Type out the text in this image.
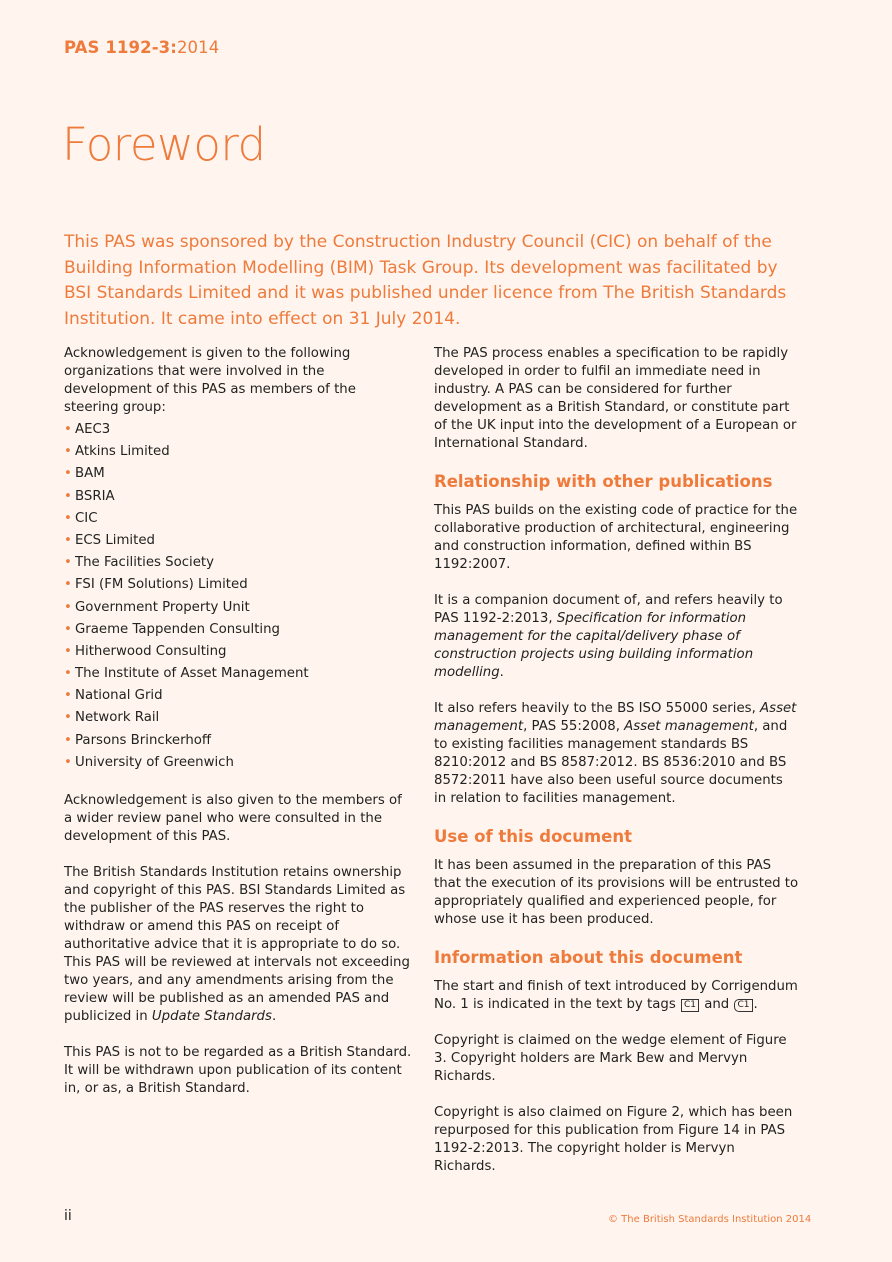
PAS 1192-3:2014
Foreword

This PAS was sponsored by the Construction Industry Council (CIC) on behalf of the Building Information Modelling (BIM) Task Group. Its development was facilitated by BSI Standards Limited and it was published under licence from The British Standards Institution. It came into effect on 31 July 2014.

Acknowledgement is given to the following organizations that were involved in the development of this PAS as members of the steering group:

• AEC3
• Atkins Limited
• BAM
• BSRIA
• CIC
• ECS Limited
• The Facilities Society
• FSI (FM Solutions) Limited
• Government Property Unit
• Graeme Tappenden Consulting
• Hitherwood Consulting
• The Institute of Asset Management
• National Grid
• Network Rail
• Parsons Brinckerhoff
• University of Greenwich

Acknowledgement is also given to the members of a wider review panel who were consulted in the development of this PAS.

The British Standards Institution retains ownership and copyright of this PAS. BSI Standards Limited as the publisher of the PAS reserves the right to withdraw or amend this PAS on receipt of authoritative advice that it is appropriate to do so. This PAS will be reviewed at intervals not exceeding two years, and any amendments arising from the review will be published as an amended PAS and publicized in Update Standards.

This PAS is not to be regarded as a British Standard. It will be withdrawn upon publication of its content in, or as, a British Standard.

The PAS process enables a specification to be rapidly developed in order to fulfil an immediate need in industry. A PAS can be considered for further development as a British Standard, or constitute part of the UK input into the development of a European or International Standard.

Relationship with other publications

This PAS builds on the existing code of practice for the collaborative production of architectural, engineering and construction information, defined within BS 1192:2007.

It is a companion document of, and refers heavily to PAS 1192-2:2013, Specification for information management for the capital/delivery phase of construction projects using building information modelling.

It also refers heavily to the BS ISO 55000 series, Asset management, PAS 55:2008, Asset management, and to existing facilities management standards BS 8210:2012 and BS 8587:2012. BS 8536:2010 and BS 8572:2011 have also been useful source documents in relation to facilities management.

Use of this document

It has been assumed in the preparation of this PAS that the execution of its provisions will be entrusted to appropriately qualified and experienced people, for whose use it has been produced.

Information about this document

The start and finish of text introduced by Corrigendum No. 1 is indicated in the text by tags C1 and C1 .

Copyright is claimed on the wedge element of Figure 3. Copyright holders are Mark Bew and Mervyn Richards.

Copyright is also claimed on Figure 2, which has been repurposed for this publication from Figure 14 in PAS 1192-2:2013. The copyright holder is Mervyn Richards.

ii	© The British Standards Institution 2014
